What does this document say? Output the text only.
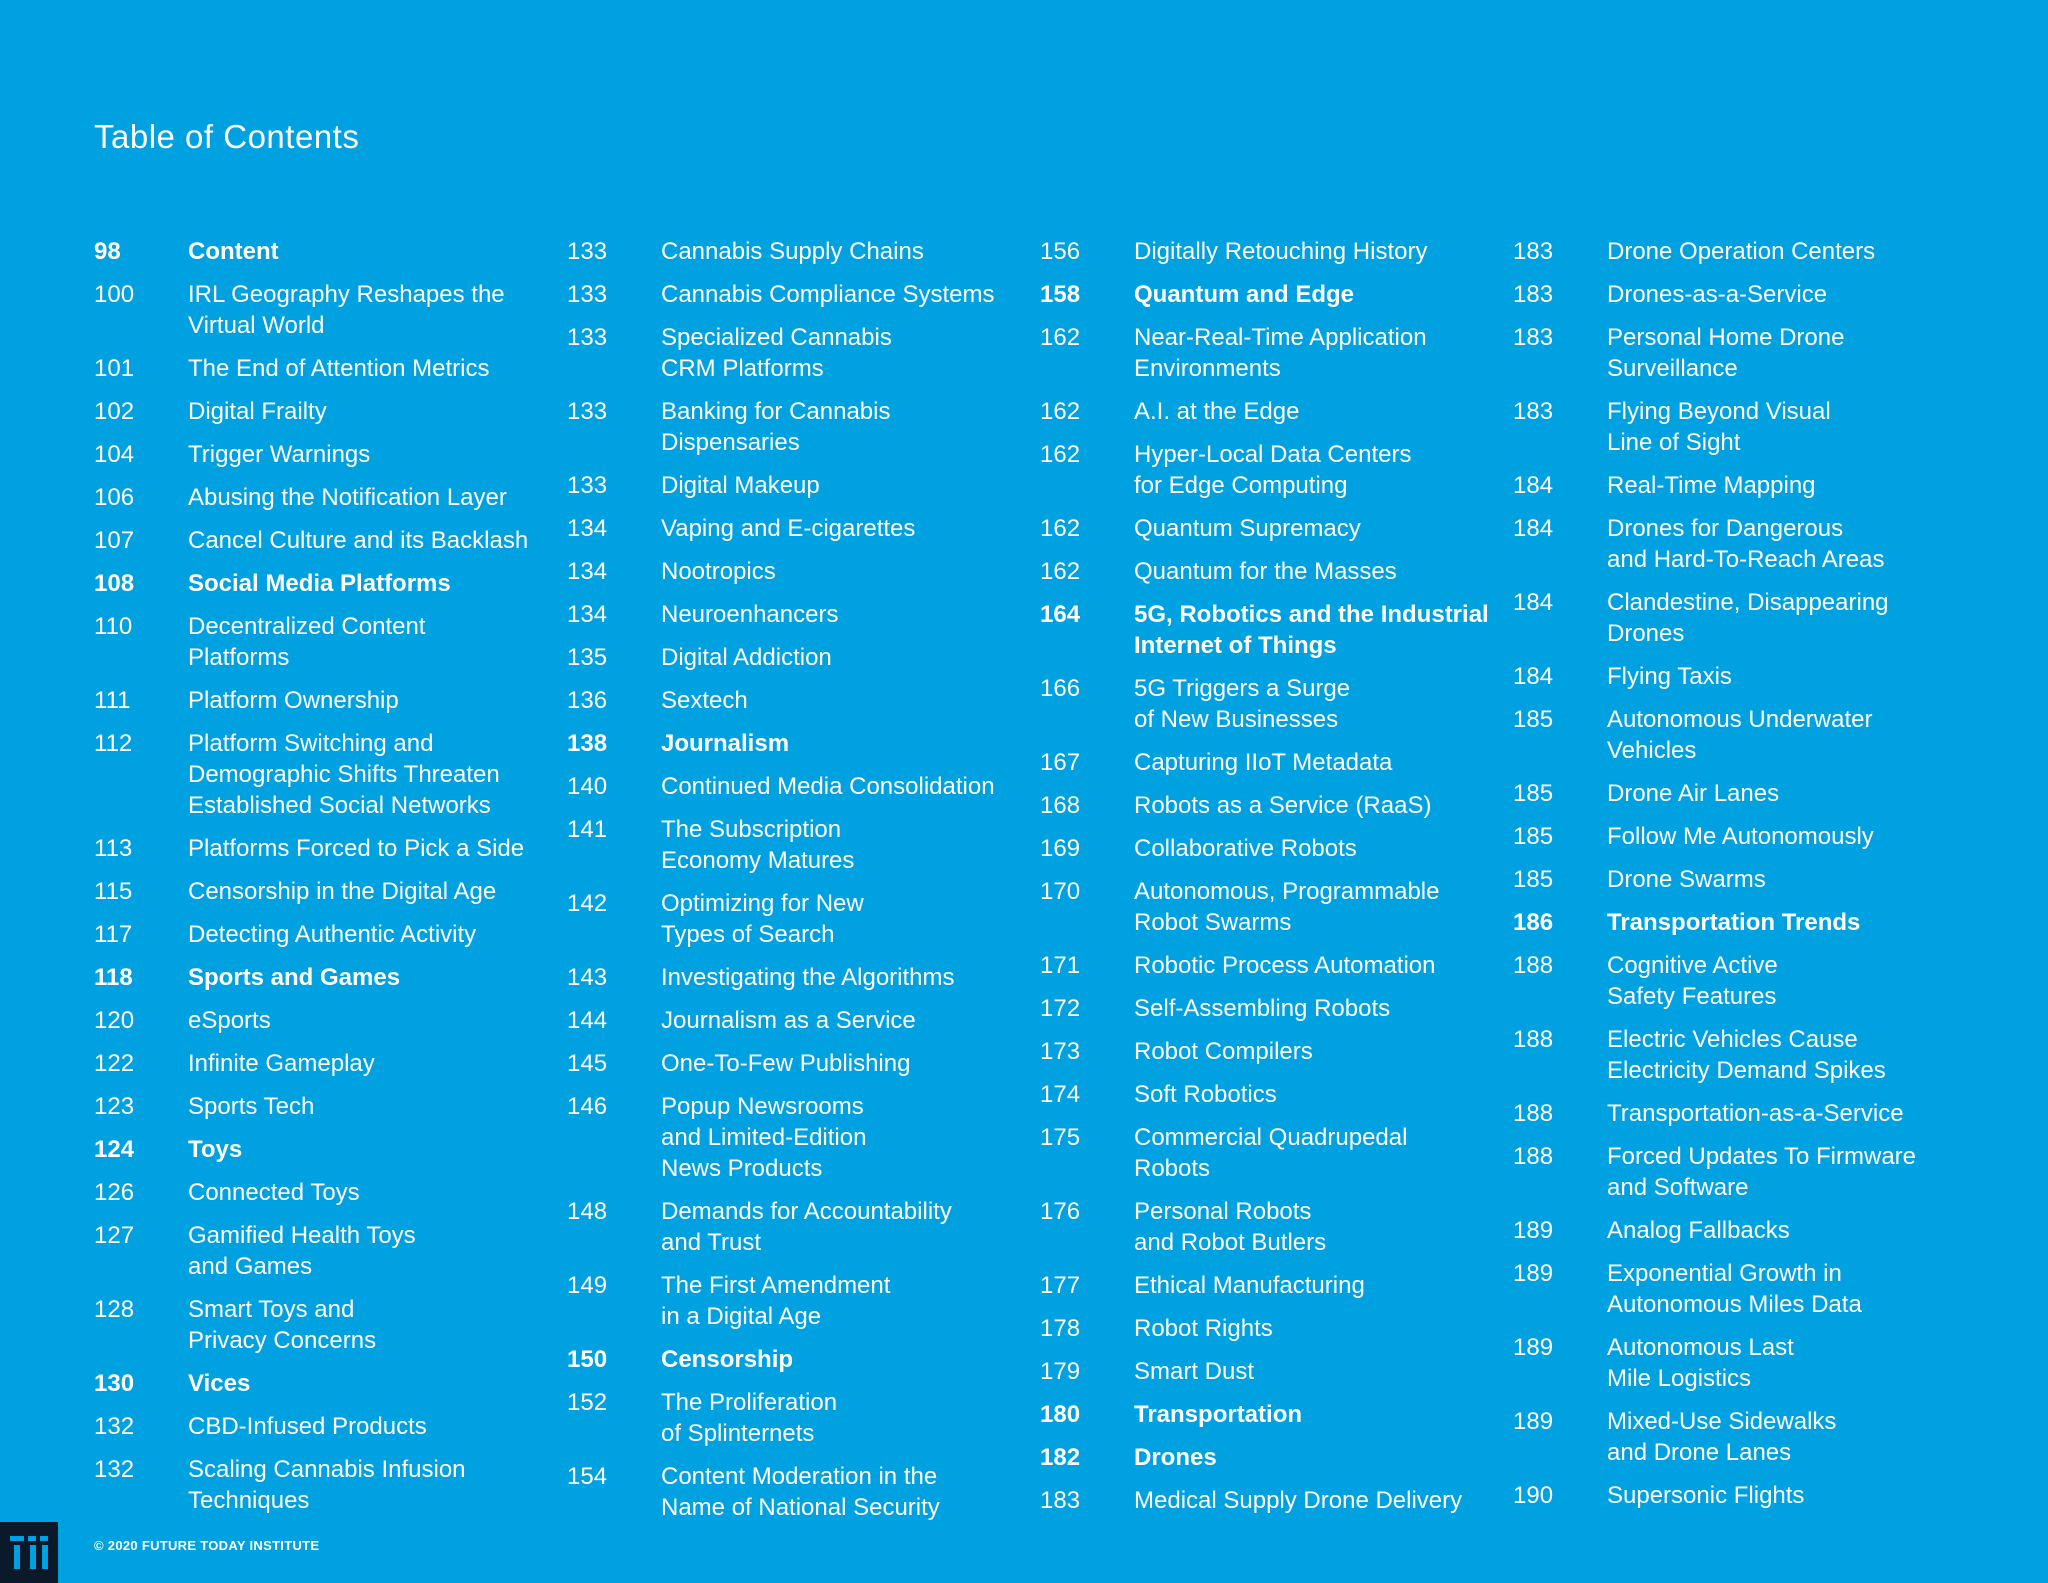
Table of Contents
98	Content
100	IRL Geography Reshapes the
Virtual World
101	The End of Attention Metrics
102	Digital Frailty
104	Trigger Warnings
106	Abusing the Notification Layer
107	Cancel Culture and its Backlash
108	Social Media Platforms
110	Decentralized Content
Platforms
111	Platform Ownership
112	Platform Switching and
Demographic Shifts Threaten
Established Social Networks
113	Platforms Forced to Pick a Side
115	Censorship in the Digital Age
117	Detecting Authentic Activity
118	Sports and Games
120	eSports
122	Infinite Gameplay
123	Sports Tech
124	Toys
126	Connected Toys
127	Gamified Health Toys
and Games
128	Smart Toys and
Privacy Concerns
130	Vices
132	CBD-Infused Products
132	Scaling Cannabis Infusion
Techniques
133	Cannabis Supply Chains
133	Cannabis Compliance Systems
133	Specialized Cannabis
CRM Platforms
133	Banking for Cannabis
Dispensaries
133	Digital Makeup
134	Vaping and E-cigarettes
134	Nootropics
134	Neuroenhancers
135	Digital Addiction
136	Sextech
138	Journalism
140	Continued Media Consolidation
141	The Subscription
Economy Matures
142	Optimizing for New
Types of Search
143	Investigating the Algorithms
144	Journalism as a Service
145	One-To-Few Publishing
146	Popup Newsrooms
and Limited-Edition
News Products
148	Demands for Accountability
and Trust
149	The First Amendment
in a Digital Age
150	Censorship
152	The Proliferation
of Splinternets
154	Content Moderation in the
Name of National Security
156	Digitally Retouching History
158	Quantum and Edge
162	Near-Real-Time Application
Environments
162	A.I. at the Edge
162	Hyper-Local Data Centers
for Edge Computing
162	Quantum Supremacy
162	Quantum for the Masses
164	5G, Robotics and the Industrial
Internet of Things
166	5G Triggers a Surge
of New Businesses
167	Capturing IIoT Metadata
168	Robots as a Service (RaaS)
169	Collaborative Robots
170	Autonomous, Programmable
Robot Swarms
171	Robotic Process Automation
172	Self-Assembling Robots
173	Robot Compilers
174	Soft Robotics
175	Commercial Quadrupedal
Robots
176	Personal Robots
and Robot Butlers
177	Ethical Manufacturing
178	Robot Rights
179	Smart Dust
180	Transportation
182	Drones
183	Medical Supply Drone Delivery
183	Drone Operation Centers
183	Drones-as-a-Service
183	Personal Home Drone
Surveillance
183	Flying Beyond Visual
Line of Sight
184	Real-Time Mapping
184	Drones for Dangerous
and Hard-To-Reach Areas
184	Clandestine, Disappearing
Drones
184	Flying Taxis
185	Autonomous Underwater
Vehicles
185	Drone Air Lanes
185	Follow Me Autonomously
185	Drone Swarms
186	Transportation Trends
188	Cognitive Active
Safety Features
188	Electric Vehicles Cause
Electricity Demand Spikes
188	Transportation-as-a-Service
188	Forced Updates To Firmware
and Software
189	Analog Fallbacks
189	Exponential Growth in
Autonomous Miles Data
189	Autonomous Last
Mile Logistics
189	Mixed-Use Sidewalks
and Drone Lanes
190	Supersonic Flights
© 2020 FUTURE TODAY INSTITUTE
